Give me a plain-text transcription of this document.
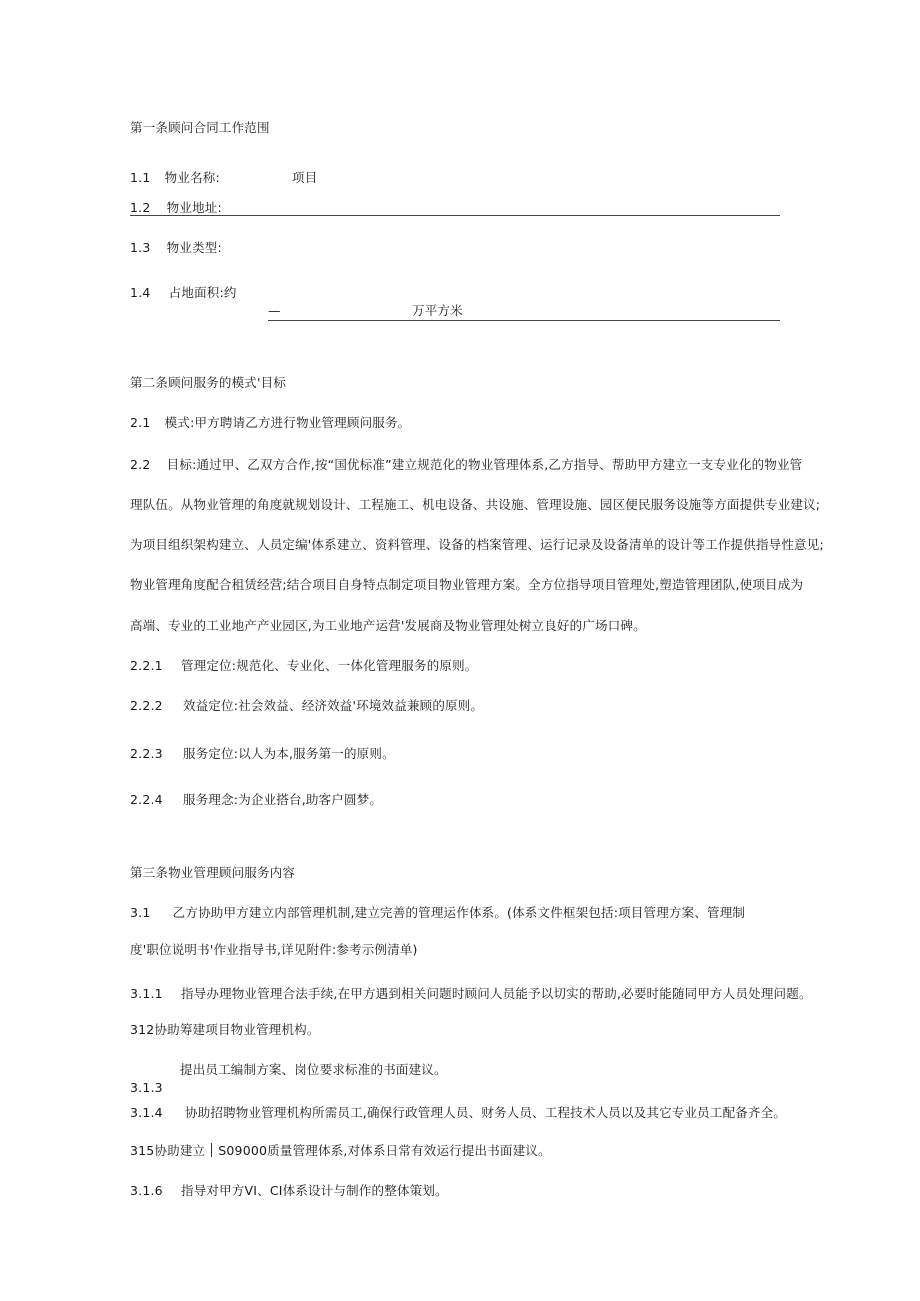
第一条顾问合同工作范围
1.1 物业名称:	项目
1.2 物业地址:
1.3 物业类型:
1.4 占地面积:约
—	万平方米
第二条顾问服务的模式'目标
2.1 模式:甲方聘请乙方进行物业管理顾问服务。
2.2 目标:通过甲、乙双方合作,按“国优标准”建立规范化的物业管理体系,乙方指导、帮助甲方建立一支专业化的物业管
理队伍。从物业管理的角度就规划设计、工程施工、机电设备、共设施、管理设施、园区便民服务设施等方面提供专业建议;
为项目组织架构建立、人员定编'体系建立、资料管理、设备的档案管理、运行记录及设备清单的设计等工作提供指导性意见;
物业管理角度配合租赁经营;结合项目自身特点制定项目物业管理方案。全方位指导项目管理处,塑造管理团队,使项目成为
高端、专业的工业地产产业园区,为工业地产运营'发展商及物业管理处树立良好的广场口碑。
2.2.1 管理定位:规范化、专业化、一体化管理服务的原则。
2.2.2 效益定位:社会效益、经济效益'环境效益兼顾的原则。
2.2.3 服务定位:以人为本,服务第一的原则。
2.2.4 服务理念:为企业搭台,助客户圆梦。
第三条物业管理顾问服务内容
3.1 乙方协助甲方建立内部管理机制,建立完善的管理运作体系。(体系文件框架包括:项目管理方案、管理制
度'职位说明书'作业指导书,详见附件:参考示例清单)
3.1.1 指导办理物业管理合法手续,在甲方遇到相关问题时顾问人员能予以切实的帮助,必要时能随同甲方人员处理问题。
312协助筹建项目物业管理机构。
提出员工编制方案、岗位要求标准的书面建议。
3.1.3
3.1.4 协助招聘物业管理机构所需员工,确保行政管理人员、财务人员、工程技术人员以及其它专业员工配备齐全。
315协助建立 S09000质量管理体系,对体系日常有效运行提出书面建议。
3.1.6 指导对甲方VI、CI体系设计与制作的整体策划。
